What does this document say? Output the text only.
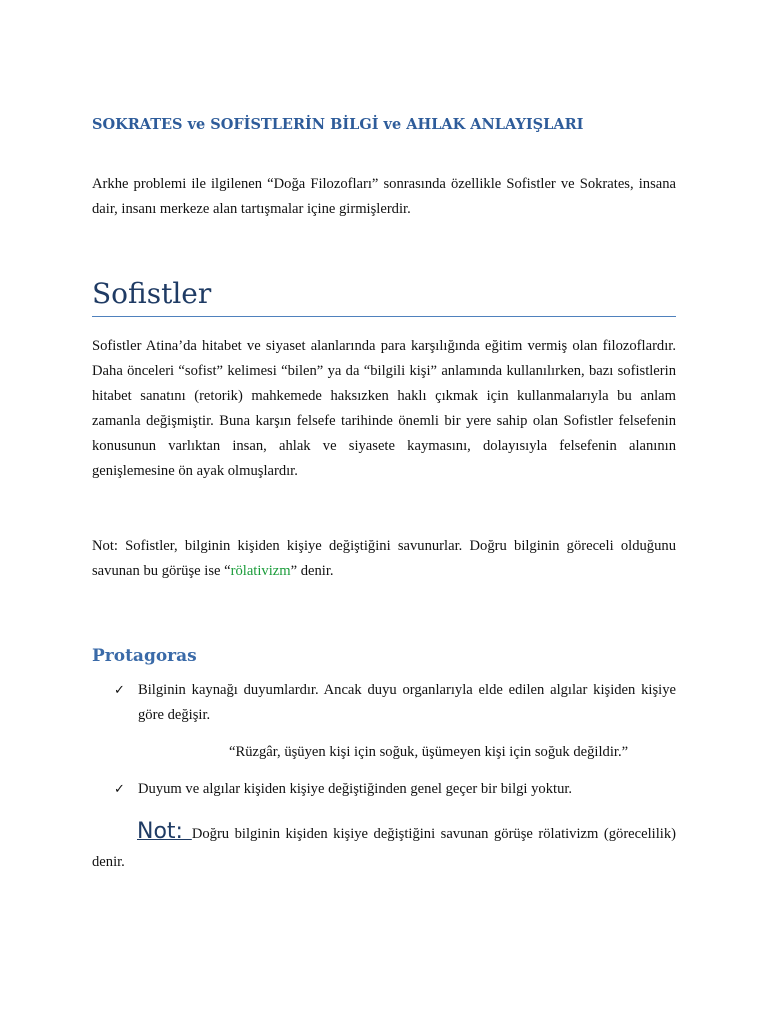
SOKRATES ve SOFİSTLERİN BİLGİ ve AHLAK ANLAYIŞLARI

Arkhe problemi ile ilgilenen “Doğa Filozofları” sonrasında özellikle Sofistler ve Sokrates, insana dair, insanı merkeze alan tartışmalar içine girmişlerdir.

Sofistler

Sofistler Atina’da hitabet ve siyaset alanlarında para karşılığında eğitim vermiş olan filozoflardır. Daha önceleri “sofist” kelimesi “bilen” ya da “bilgili kişi” anlamında kullanılırken, bazı sofistlerin hitabet sanatını (retorik) mahkemede haksızken haklı çıkmak için kullanmalarıyla bu anlam zamanla değişmiştir. Buna karşın felsefe tarihinde önemli bir yere sahip olan Sofistler felsefenin konusunun varlıktan insan, ahlak ve siyasete kaymasını, dolayısıyla felsefenin alanının genişlemesine ön ayak olmuşlardır.

Not: Sofistler, bilginin kişiden kişiye değiştiğini savunurlar. Doğru bilginin göreceli olduğunu savunan bu görüşe ise “rölativizm” denir.

Protagoras
✓ Bilginin kaynağı duyumlardır. Ancak duyu organlarıyla elde edilen algılar kişiden kişiye göre değişir.

“Rüzgâr, üşüyen kişi için soğuk, üşümeyen kişi için soğuk değildir.”

✓ Duyum ve algılar kişiden kişiye değiştiğinden genel geçer bir bilgi yoktur.

Not: Doğru bilginin kişiden kişiye değiştiğini savunan görüşe rölativizm (görecelilik) denir.
